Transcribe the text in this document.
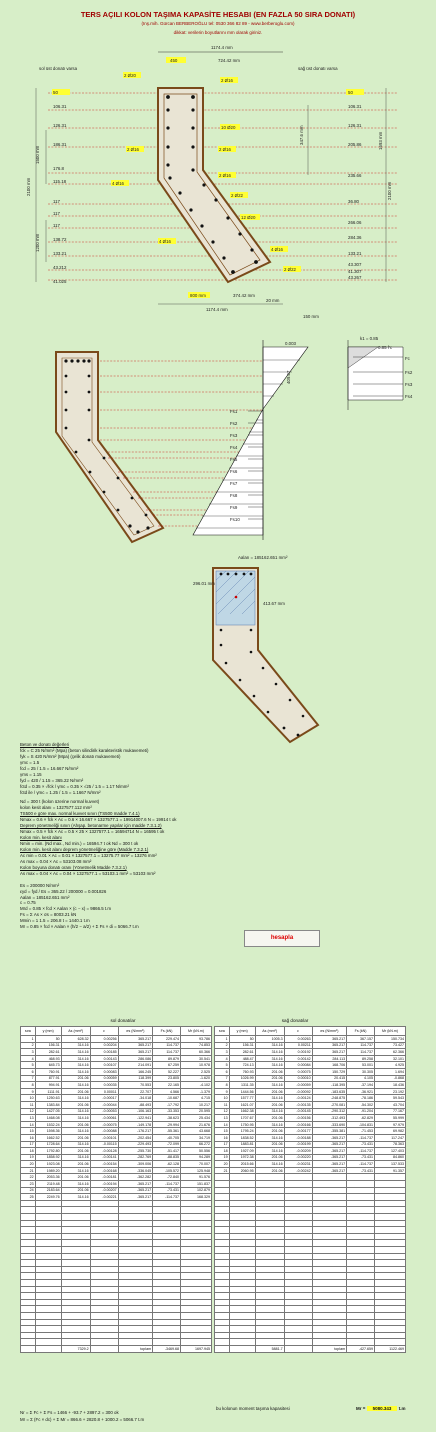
TERS AÇILI KOLON TAŞIMA KAPASİTE HESABI (EN FAZLA 50 SIRA DONATI)
(Inş.mih. Gürcan BERBEROĞLU tel: 0530 366 82 89 - www.berberoglu.com)
dikkat: verilerin boyutlarını mm olarak giriniz.
1174.4 mm
450	724.42 mm
sol üst donatı varsa	sağ üst donatı varsa
2 Ø20
2 Ø16
10 Ø20
2 Ø16	2 Ø16
2 Ø16
2 Ø22
12 Ø20
4 Ø16
4 Ø16
4 Ø16
2 Ø22
50
106.31
126.31
186.31
176.8
115.18
117
117
117
138.72
133.21
43.212
41.025
50
106.31
126.31
205.86
235.66
36.80
266.06
284.36
133.21
43.307
41.307
43.267
1500 mm
2100 mm
1200 mm
347.6 mm
2100 mm
1693 mm
800 mm	374.42 mm
20 mm
1174.4 mm
150 mm
0.003
409.67
Fs1
Fs2
Fs3
Fs4
Fs5
Fs6
Fs7
Fs8
Fs9
Fs10
k1 = 0.85
0.85 f'c
Fc
Fs2
Fs3
Fs4
Aalan = 185162.651 mm²
296.01 mm
413.67 mm
Beton ve donatı değerleri
fck = C 25 N/mm² (Mpa) (beton silindirik karakteristik mukavemeti)
fyk = S 420 N/mm² (Mpa) (çelik donatı mukavemeti)
γmc = 1.5
fcd = 25 / 1.5 = 16.667 N/mm²
γms = 1.15
fyd = 420 / 1.15 = 365.22 N/mm²
fctd = 0.35 × √fck / γmc = 0.35 × √25 / 1.5 = 1.17 N/mm²
fctd ile / γmc = 1.25 / 1.5 = 1.1667 N/mm²
Nd = 300 t (kolon üzerine normal kuvvet)
kolon kesit alanı = 1327577.112 mm²
TS500 e göre max. normal kuvvet sınırı (TS500 madde 7.4.1)
Nmax = 0.6 × fck × Ac = 0.6 × 16.667 × 1327577.1 = 19914007.6 N = 19914 t ok
Deprem yönetmeliği sınırı (Ahşap. betonarme yapılar için madde 7.3.1.2)
Nmax = 0.5 × fck × Ac = 0.5 × 25 × 1327577.1 = 16594714 N = 16595 t ok
Kolon min. kesit alanı
Nmin = min. (Nd max., Nd min.) = 16594.7 t ok Nd = 300 t ok
Kolon min. kesit alanı deprem yönetmeliğine göre (Madde 7.3.2.1)
Ac min = 0.01 × Ac = 0.01 × 1327577.1 = 13275.77 mm² = 13276 mm²
As max = 0.04 × Ac = 53103.08 mm²
Kolon boyuna donatı oranı (Yönetmelik Madde 7.3.2.1)
As max = 0.04 × Ac = 0.04 × 1327577.1 = 53103.1 mm² = 53103 mm²
Es = 200000 N/mm²
εyd = fyd / Es = 365.22 / 200000 = 0.001826
Aalan = 185162.651 mm²
c = 0.75
Mrd = 0.85 × fcd × Aalan × (c − x) = 9866.5 t.m
Fs = Σ As × σs = 8003.21 kN
Mmin = 1 1.5 = 206.8 t = 1440.1 t.m
Mr = 0.85 × fcd × Aalan × (h/2 − a/2) + Σ Fs × di = 5066.7 t.m
hesapla
sol donatılar	sağ donatılar
sıra	y (mm)	As (mm²)	ε	σs (N/mm²)	Fs (kN)	Mr (kN.m)
1	50	628.32	0.00256	365.217	229.474	93.786
2	156.31	314.16	0.00204	365.217	114.737	74.853
3	282.61	314.16	0.00185	365.217	114.737	60.366
4	468.93	314.16	0.00143	286.086	89.879	30.541
5	645.73	314.16	0.00107	214.091	67.259	10.978
6	760.91	314.16	0.00083	166.245	52.227	2.525
7	877.91	201.06	0.00059	118.399	23.805	-1.620
8	994.91	314.16	0.00035	70.553	22.165	-4.102
9	1111.91	201.06	0.00011	22.707	4.566	-1.379
10	1250.63	314.16	-0.00017	-34.018	-10.687	4.715
11	1383.84	201.06	-0.00044	-88.493	-17.792	10.217
12	1427.05	314.16	-0.00053	-106.163	-33.353	20.595
13	1468.08	314.16	-0.00061	-122.941	-38.623	25.434
14	1532.24	201.06	-0.00075	-149.178	-29.994	21.676
15	1598.36	314.16	-0.00088	-176.217	-55.361	43.668
16	1662.52	201.06	-0.00101	-202.454	-40.705	34.719
17	1728.64	314.16	-0.00115	-229.493	-72.099	66.272
18	1792.80	201.06	-0.00128	-255.730	-51.417	50.556
19	1858.92	314.16	-0.00141	-282.769	-88.835	94.289
20	1923.08	201.06	-0.00154	-309.006	-62.128	70.007
21	1989.20	314.16	-0.00168	-336.045	-105.572	125.948
22	2053.36	201.06	-0.00181	-362.282	-72.840	91.576
23	2119.48	314.16	-0.00194	-365.217	-114.737	151.837
24	2183.64	201.06	-0.00207	-365.217	-73.431	102.879
25	2249.76	314.16	-0.00221	-365.217	-114.737	168.329

		7329.2		toplam	-3469.68	1697.945
sıra	y (mm)	As (mm²)	ε	σs (N/mm²)	Fs (kN)	Mr (kN.m)
1	50	1005.3	0.00263	365.217	367.157	150.734
2	156.31	314.16	0.00211	365.217	114.737	73.427
3	282.61	314.16	0.00192	365.217	114.737	62.366
4	488.47	314.16	0.00142	284.113	89.258	32.101
5	724.13	314.16	0.00084	168.706	53.001	4.925
6	760.93	201.06	0.00075	150.729	30.305	1.694
7	1026.99	201.06	0.00010	20.415	4.105	-0.868
8	1311.35	314.16	-0.00059	-118.395	-37.194	18.436
9	1444.56	201.06	-0.00092	-183.635	-36.921	23.192
10	1577.77	314.16	-0.00124	-248.875	-78.186	59.543
11	1621.07	201.06	-0.00135	-270.081	-54.302	43.704
12	1662.38	314.16	-0.00145	-290.312	-91.204	77.167
13	1707.67	201.06	-0.00156	-312.493	-62.829	55.999
14	1750.95	314.16	-0.00166	-333.690	-104.831	97.979
15	1795.24	201.06	-0.00177	-355.381	-71.453	69.982
16	1838.52	314.16	-0.00188	-365.217	-114.737	117.247
17	1883.81	201.06	-0.00199	-365.217	-73.431	78.363
18	1927.09	314.16	-0.00209	-365.217	-114.737	127.403
19	1972.38	201.06	-0.00220	-365.217	-73.431	84.860
20	2015.66	314.16	-0.00231	-365.217	-114.737	137.533
21	2060.95	201.06	-0.00242	-365.217	-73.431	91.357

		5881.7		toplam	-427.659	1122.469
Nr = Σ Fc + Σ Fs = 1466 + -93.7 + 2897.2 = 300 ok
Mr = Σ (Fc × dc) + Σ Mr = 866.6 + 2820.8 + 1000.2 = 5066.7 t.m
bu kolonun moment taşıma kapasitesi	Mr = 5080.343 t.m
